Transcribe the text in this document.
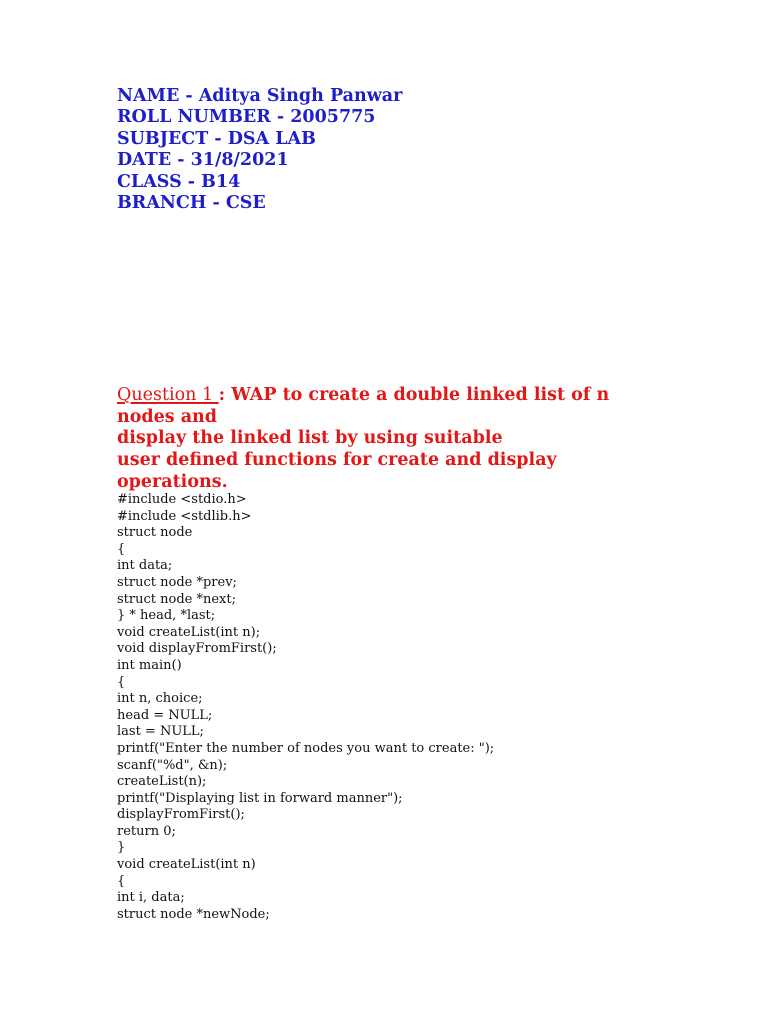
NAME - Aditya Singh Panwar

ROLL NUMBER - 2005775

SUBJECT - DSA LAB

DATE - 31/8/2021

CLASS - B14

BRANCH - CSE

Question 1 : WAP to create a double linked list of n

nodes and

display the linked list by using suitable

user defined functions for create and display

operations.

#include <stdio.h>

#include <stdlib.h>

struct node

{

int data;

struct node *prev;

struct node *next;

} * head, *last;

void createList(int n);

void displayFromFirst();

int main()

{

int n, choice;

head = NULL;

last = NULL;

printf("Enter the number of nodes you want to create: ");

scanf("%d", &n);

createList(n);

printf("Displaying list in forward manner");

displayFromFirst();

return 0;

}

void createList(int n)

{

int i, data;

struct node *newNode;
